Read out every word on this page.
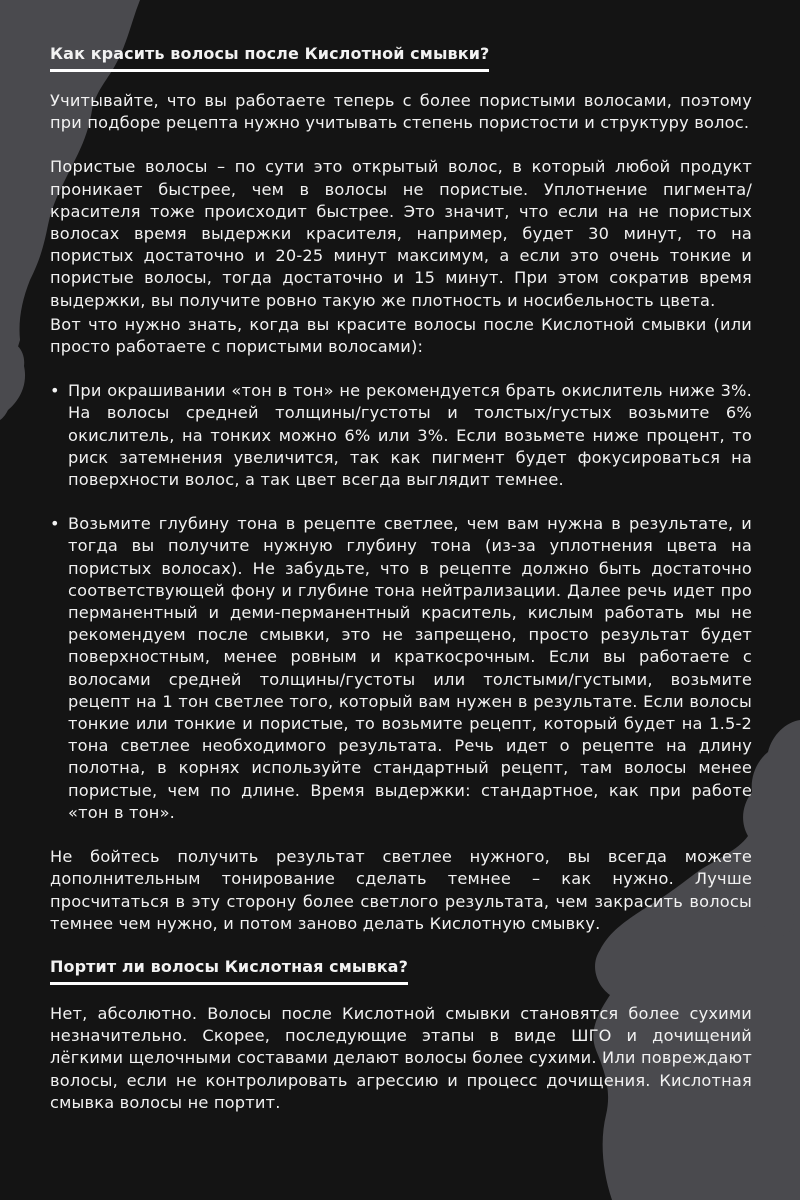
Как красить волосы после Кислотной смывки?

Учитывайте, что вы работаете теперь с более пористыми волосами, поэтому при подборе рецепта нужно учитывать степень пористости и структуру волос.

Пористые волосы – по сути это открытый волос, в который любой продукт проникает быстрее, чем в волосы не пористые. Уплотнение пигмента/красителя тоже происходит быстрее. Это значит, что если на не пористых волосах время выдержки красителя, например, будет 30 минут, то на пористых достаточно и 20-25 минут максимум, а если это очень тонкие и пористые волосы, тогда достаточно и 15 минут. При этом сократив время выдержки, вы получите ровно такую же плотность и носибельность цвета.

Вот что нужно знать, когда вы красите волосы после Кислотной смывки (или просто работаете с пористыми волосами):

• При окрашивании «тон в тон» не рекомендуется брать окислитель ниже 3%. На волосы средней толщины/густоты и толстых/густых возьмите 6% окислитель, на тонких можно 6% или 3%. Если возьмете ниже процент, то риск затемнения увеличится, так как пигмент будет фокусироваться на поверхности волос, а так цвет всегда выглядит темнее.
• Возьмите глубину тона в рецепте светлее, чем вам нужна в результате, и тогда вы получите нужную глубину тона (из-за уплотнения цвета на пористых волосах). Не забудьте, что в рецепте должно быть достаточно соответствующей фону и глубине тона нейтрализации. Далее речь идет про перманентный и деми-перманентный краситель, кислым работать мы не рекомендуем после смывки, это не запрещено, просто результат будет поверхностным, менее ровным и краткосрочным. Если вы работаете с волосами средней толщины/густоты или толстыми/густыми, возьмите рецепт на 1 тон светлее того, который вам нужен в результате. Если волосы тонкие или тонкие и пористые, то возьмите рецепт, который будет на 1.5-2 тона светлее необходимого результата. Речь идет о рецепте на длину полотна, в корнях используйте стандартный рецепт, там волосы менее пористые, чем по длине. Время выдержки: стандартное, как при работе «тон в тон».

Не бойтесь получить результат светлее нужного, вы всегда можете дополнительным тонирование сделать темнее – как нужно. Лучше просчитаться в эту сторону более светлого результата, чем закрасить волосы темнее чем нужно, и потом заново делать Кислотную смывку.

Портит ли волосы Кислотная смывка?

Нет, абсолютно. Волосы после Кислотной смывки становятся более сухими незначительно. Скорее, последующие этапы в виде ШГО и дочищений лёгкими щелочными составами делают волосы более сухими. Или повреждают волосы, если не контролировать агрессию и процесс дочищения. Кислотная смывка волосы не портит.
